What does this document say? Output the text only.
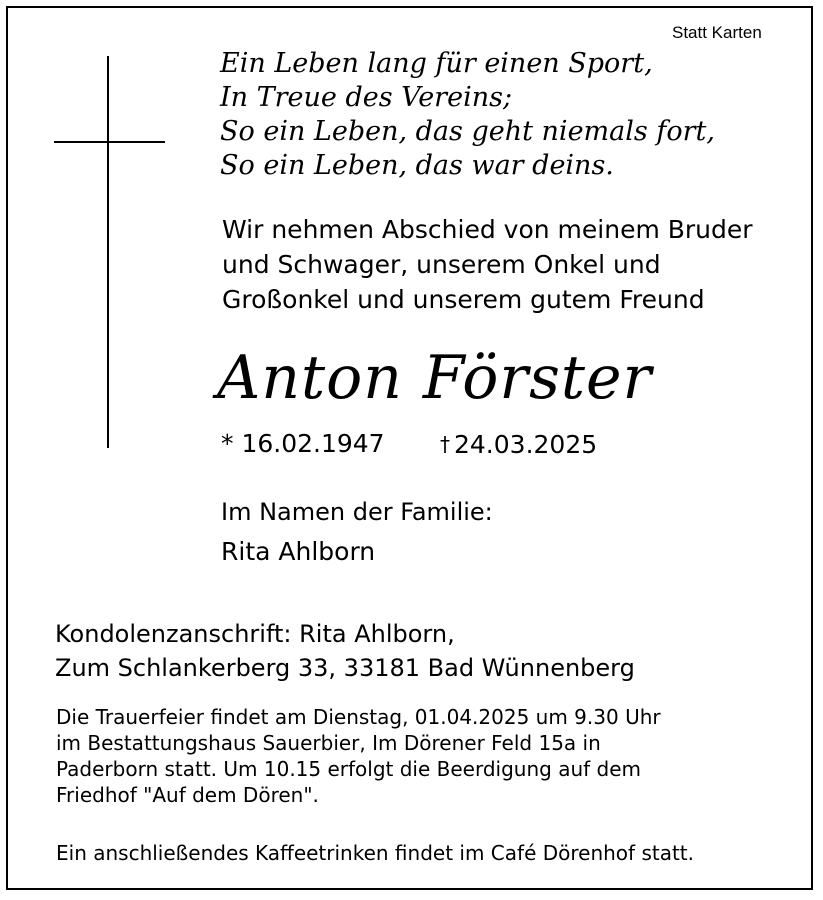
Statt Karten
Ein Leben lang für einen Sport,
In Treue des Vereins;
So ein Leben, das geht niemals fort,
So ein Leben, das war deins.
Wir nehmen Abschied von meinem Bruder
und Schwager, unserem Onkel und
Großonkel und unserem gutem Freund
Anton Förster
* 16.02.1947	† 24.03.2025
Im Namen der Familie:
Rita Ahlborn
Kondolenzanschrift: Rita Ahlborn,
Zum Schlankerberg 33, 33181 Bad Wünnenberg
Die Trauerfeier findet am Dienstag, 01.04.2025 um 9.30 Uhr
im Bestattungshaus Sauerbier, Im Dörener Feld 15a in
Paderborn statt. Um 10.15 erfolgt die Beerdigung auf dem
Friedhof "Auf dem Dören".
Ein anschließendes Kaffeetrinken findet im Café Dörenhof statt.
